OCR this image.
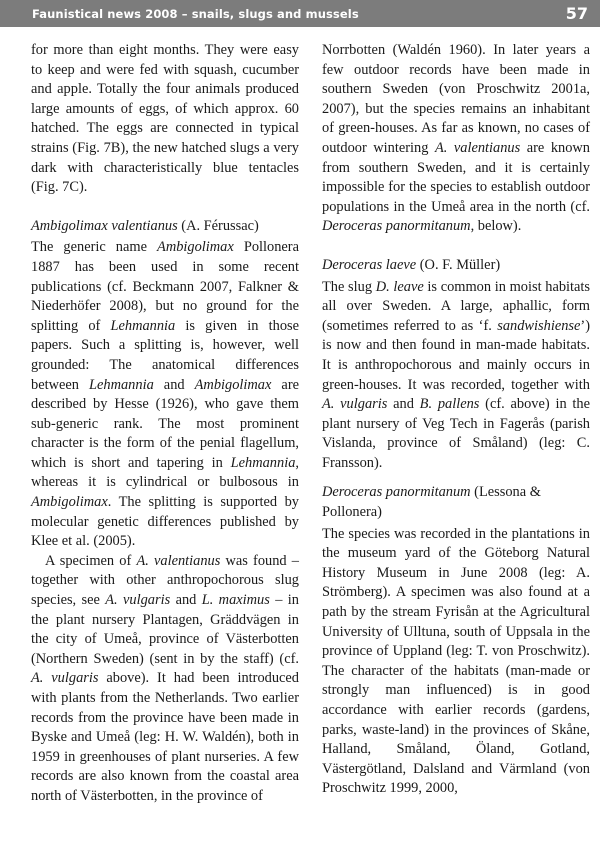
Faunistical news 2008 – snails, slugs and mussels	57

for more than eight months. They were easy to keep and were fed with squash, cucumber and apple. Totally the four animals produced large amounts of eggs, of which approx. 60 hatched. The eggs are connected in typical strains (Fig. 7B), the new hatched slugs a very dark with characteristically blue tentacles (Fig. 7C).

Ambigolimax valentianus (A. Férussac)

The generic name Ambigolimax Pollonera 1887 has been used in some recent publications (cf. Beckmann 2007, Falkner & Niederhöfer 2008), but no ground for the splitting of Lehmannia is given in those papers. Such a splitting is, however, well grounded: The anatomical differences between Lehmannia and Ambigolimax are described by Hesse (1926), who gave them sub-generic rank. The most prominent character is the form of the penial flagellum, which is short and tapering in Lehmannia, whereas it is cylindrical or bulbosous in Ambigolimax. The splitting is supported by molecular genetic differences published by Klee et al. (2005).

A specimen of A. valentianus was found – together with other anthropochorous slug species, see A. vulgaris and L. maximus – in the plant nursery Plantagen, Gräddvägen in the city of Umeå, province of Västerbotten (Northern Sweden) (sent in by the staff) (cf. A. vulgaris above). It had been introduced with plants from the Netherlands. Two earlier records from the province have been made in Byske and Umeå (leg: H. W. Waldén), both in 1959 in greenhouses of plant nurseries. A few records are also known from the coastal area north of Västerbotten, in the province of

Norrbotten (Waldén 1960). In later years a few outdoor records have been made in southern Sweden (von Proschwitz 2001a, 2007), but the species remains an inhabitant of green-houses. As far as known, no cases of outdoor wintering A. valentianus are known from southern Sweden, and it is certainly impossible for the species to establish outdoor populations in the Umeå area in the north (cf. Deroceras panormitanum, below).

Deroceras laeve (O. F. Müller)

The slug D. leave is common in moist habitats all over Sweden. A large, aphallic, form (sometimes referred to as ‘f. sandwishiense’) is now and then found in man-made habitats. It is anthropochorous and mainly occurs in green-houses. It was recorded, together with A. vulgaris and B. pallens (cf. above) in the plant nursery of Veg Tech in Fagerås (parish Vislanda, province of Småland) (leg: C. Fransson).

Deroceras panormitanum (Lessona & Pollonera)

The species was recorded in the plantations in the museum yard of the Göteborg Natural History Museum in June 2008 (leg: A. Strömberg). A specimen was also found at a path by the stream Fyrisån at the Agricultural University of Ulltuna, south of Uppsala in the province of Uppland (leg: T. von Proschwitz). The character of the habitats (man-made or strongly man influenced) is in good accordance with earlier records (gardens, parks, waste-land) in the provinces of Skåne, Halland, Småland, Öland, Gotland, Västergötland, Dalsland and Värmland (von Proschwitz 1999, 2000,
